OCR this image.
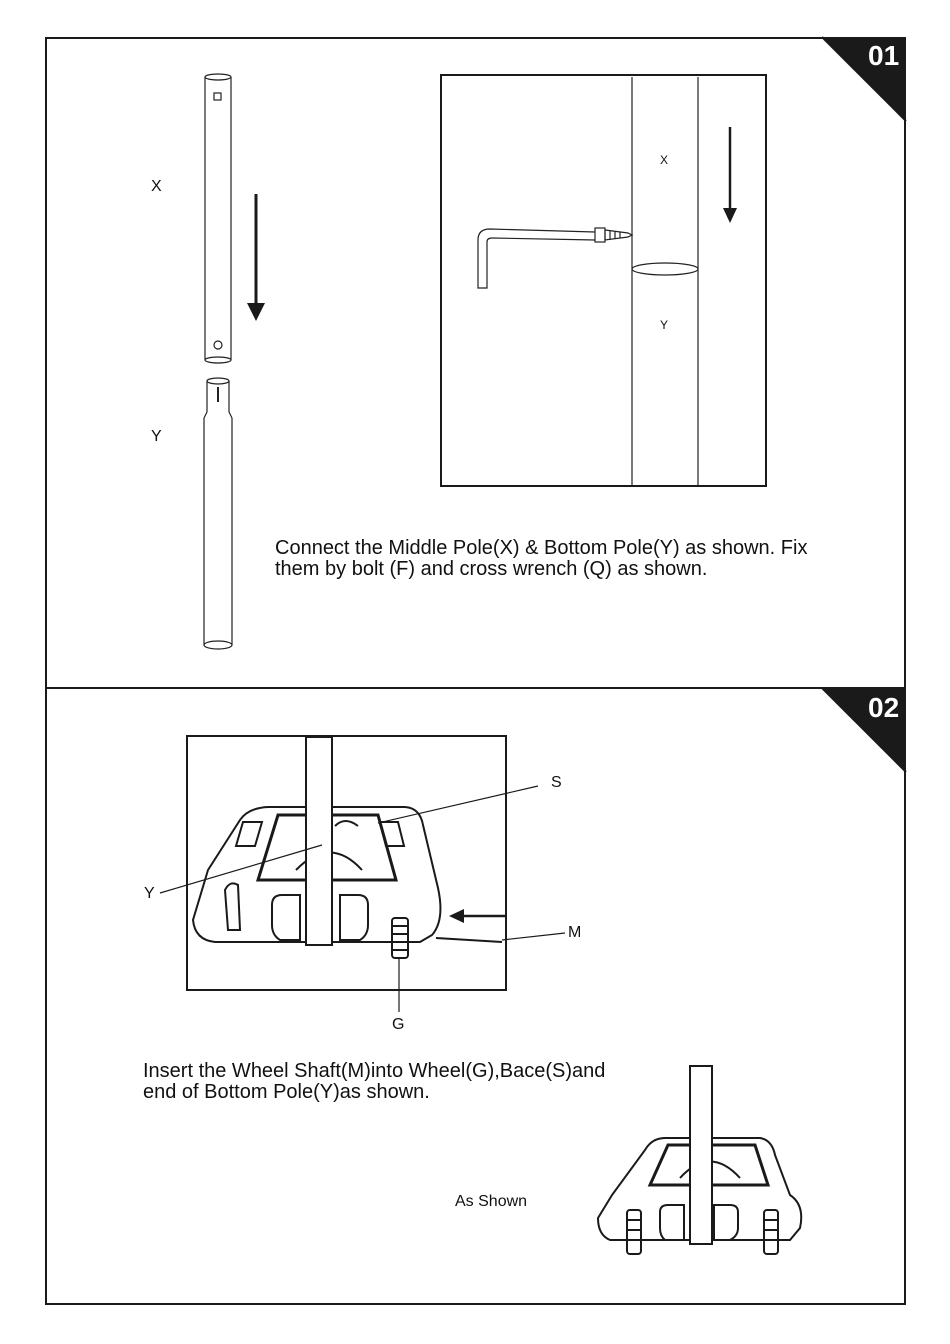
01
X
Y
X
Y
Connect the Middle Pole(X) & Bottom Pole(Y) as shown. Fix
them by bolt (F) and cross wrench (Q) as shown.
02
S
Y
M
G
Insert the Wheel Shaft(M)into Wheel(G),Bace(S)and
end of Bottom Pole(Y)as shown.
As Shown
